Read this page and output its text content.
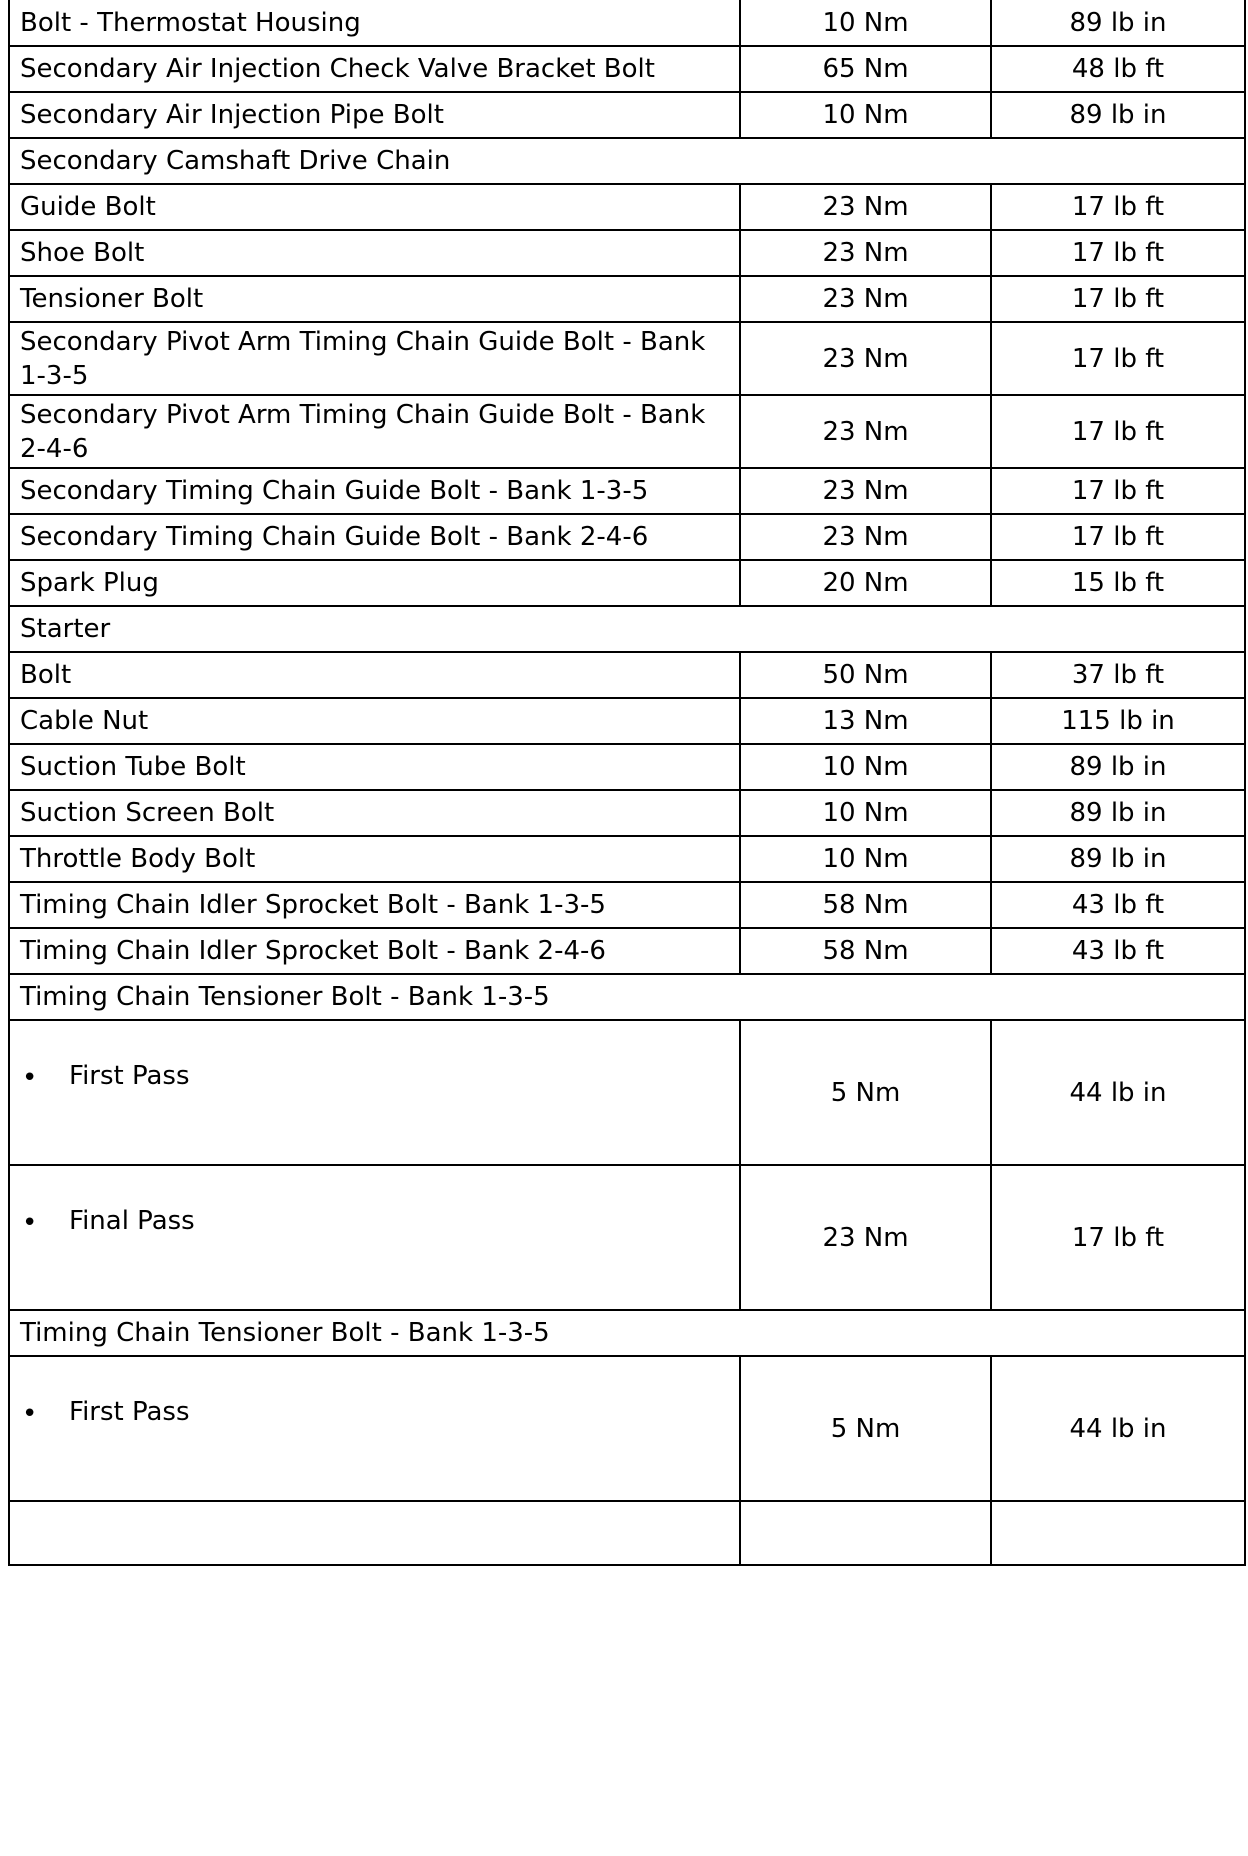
Bolt - Thermostat Housing	10 Nm	89 lb in
Secondary Air Injection Check Valve Bracket Bolt	65 Nm	48 lb ft
Secondary Air Injection Pipe Bolt	10 Nm	89 lb in
Secondary Camshaft Drive Chain		
Guide Bolt	23 Nm	17 lb ft
Shoe Bolt	23 Nm	17 lb ft
Tensioner Bolt	23 Nm	17 lb ft
Secondary Pivot Arm Timing Chain Guide Bolt - Bank 1-3-5	23 Nm	17 lb ft
Secondary Pivot Arm Timing Chain Guide Bolt - Bank 2-4-6	23 Nm	17 lb ft
Secondary Timing Chain Guide Bolt - Bank 1-3-5	23 Nm	17 lb ft
Secondary Timing Chain Guide Bolt - Bank 2-4-6	23 Nm	17 lb ft
Spark Plug	20 Nm	15 lb ft
Starter		
Bolt	50 Nm	37 lb ft
Cable Nut	13 Nm	115 lb in
Suction Tube Bolt	10 Nm	89 lb in
Suction Screen Bolt	10 Nm	89 lb in
Throttle Body Bolt	10 Nm	89 lb in
Timing Chain Idler Sprocket Bolt - Bank 1-3-5	58 Nm	43 lb ft
Timing Chain Idler Sprocket Bolt - Bank 2-4-6	58 Nm	43 lb ft
Timing Chain Tensioner Bolt - Bank 1-3-5		

• First Pass	5 Nm	44 lb in

• Final Pass	23 Nm	17 lb ft
Timing Chain Tensioner Bolt - Bank 1-3-5		

• First Pass	5 Nm	44 lb in
